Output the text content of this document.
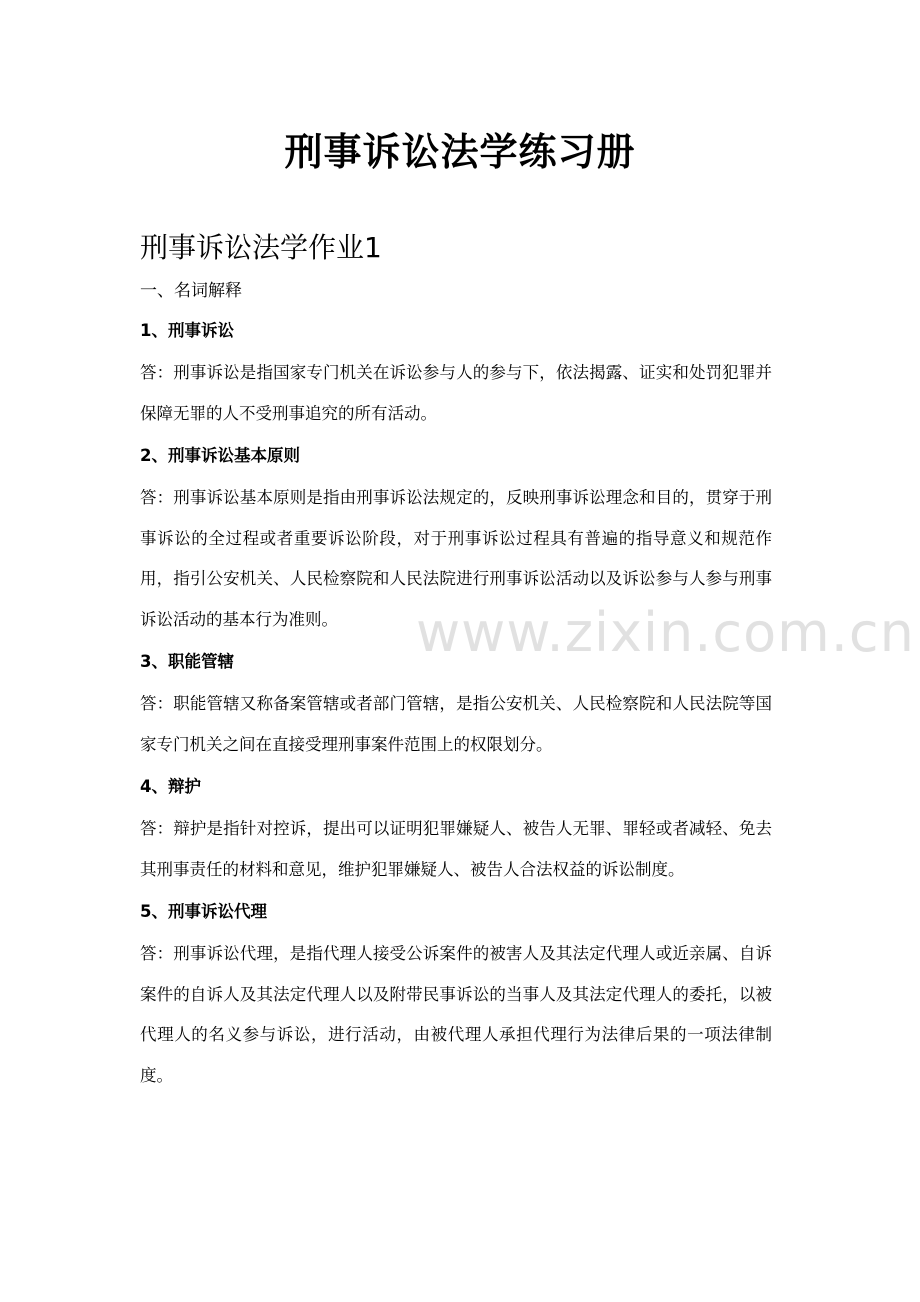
刑事诉讼法学练习册
刑事诉讼法学作业1
一、名词解释
1、刑事诉讼
答：刑事诉讼是指国家专门机关在诉讼参与人的参与下，依法揭露、证实和处罚犯罪并保障无罪的人不受刑事追究的所有活动。
2、刑事诉讼基本原则
答：刑事诉讼基本原则是指由刑事诉讼法规定的，反映刑事诉讼理念和目的，贯穿于刑事诉讼的全过程或者重要诉讼阶段，对于刑事诉讼过程具有普遍的指导意义和规范作用，指引公安机关、人民检察院和人民法院进行刑事诉讼活动以及诉讼参与人参与刑事诉讼活动的基本行为准则。
3、职能管辖
答：职能管辖又称备案管辖或者部门管辖，是指公安机关、人民检察院和人民法院等国家专门机关之间在直接受理刑事案件范围上的权限划分。
4、辩护
答：辩护是指针对控诉，提出可以证明犯罪嫌疑人、被告人无罪、罪轻或者减轻、免去其刑事责任的材料和意见，维护犯罪嫌疑人、被告人合法权益的诉讼制度。
5、刑事诉讼代理
答：刑事诉讼代理，是指代理人接受公诉案件的被害人及其法定代理人或近亲属、自诉案件的自诉人及其法定代理人以及附带民事诉讼的当事人及其法定代理人的委托，以被代理人的名义参与诉讼，进行活动，由被代理人承担代理行为法律后果的一项法律制度。
www.zixin.com.cn
